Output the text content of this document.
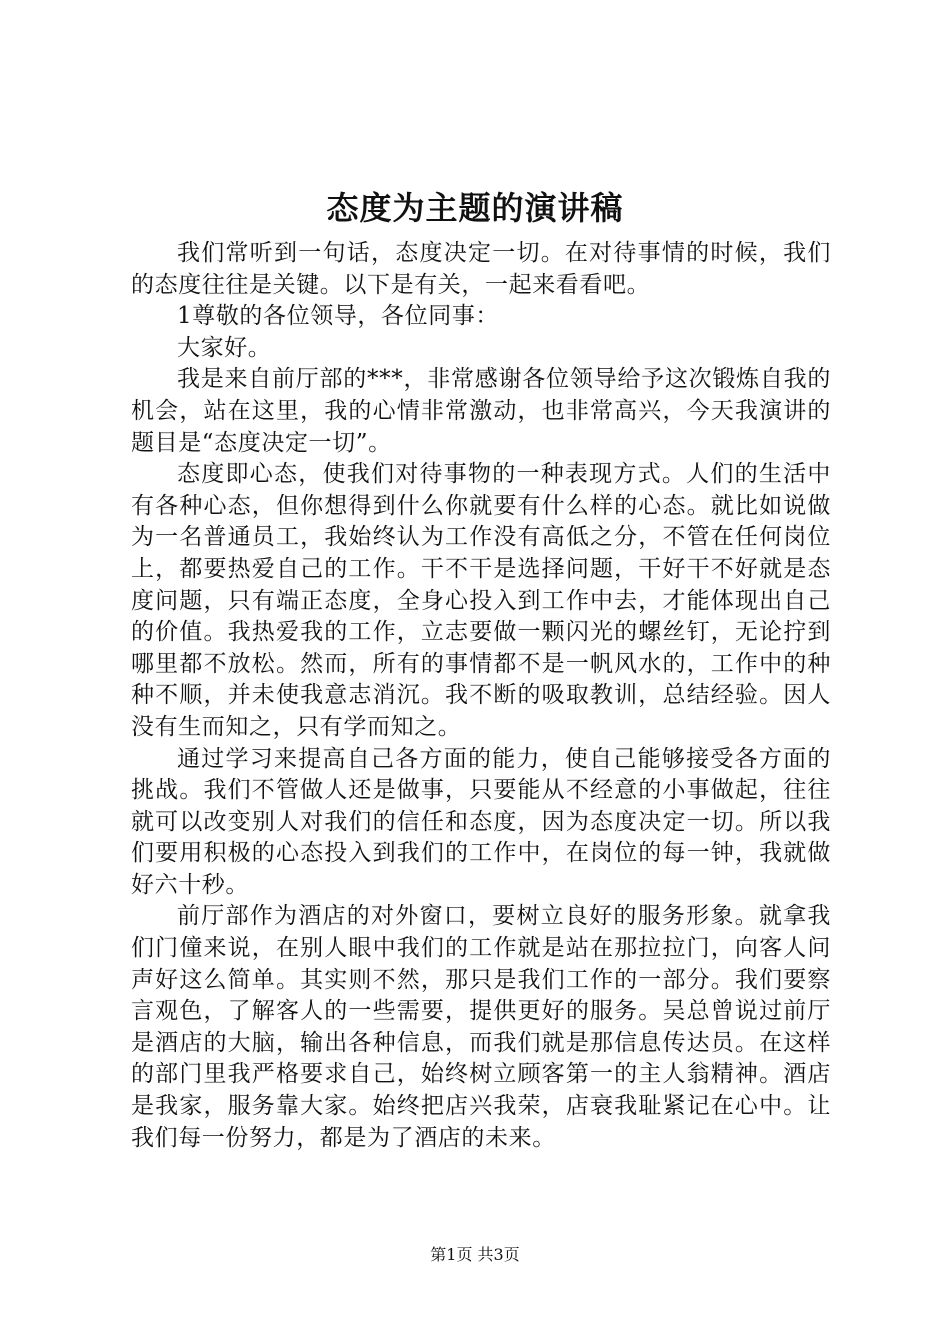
态度为主题的演讲稿

我们常听到一句话，态度决定一切。在对待事情的时候，我们的态度往往是关键。以下是有关，一起来看看吧。

1尊敬的各位领导，各位同事：

大家好。

我是来自前厅部的***，非常感谢各位领导给予这次锻炼自我的机会，站在这里，我的心情非常激动，也非常高兴，今天我演讲的题目是“态度决定一切”。

态度即心态，使我们对待事物的一种表现方式。人们的生活中有各种心态，但你想得到什么你就要有什么样的心态。就比如说做为一名普通员工，我始终认为工作没有高低之分，不管在任何岗位上，都要热爱自己的工作。干不干是选择问题，干好干不好就是态度问题，只有端正态度，全身心投入到工作中去，才能体现出自己的价值。我热爱我的工作，立志要做一颗闪光的螺丝钉，无论拧到哪里都不放松。然而，所有的事情都不是一帆风水的，工作中的种种不顺，并未使我意志消沉。我不断的吸取教训，总结经验。因人没有生而知之，只有学而知之。

通过学习来提高自己各方面的能力，使自己能够接受各方面的挑战。我们不管做人还是做事，只要能从不经意的小事做起，往往就可以改变别人对我们的信任和态度，因为态度决定一切。所以我们要用积极的心态投入到我们的工作中，在岗位的每一钟，我就做好六十秒。

前厅部作为酒店的对外窗口，要树立良好的服务形象。就拿我们门僮来说，在别人眼中我们的工作就是站在那拉拉门，向客人问声好这么简单。其实则不然，那只是我们工作的一部分。我们要察言观色，了解客人的一些需要，提供更好的服务。吴总曾说过前厅是酒店的大脑，输出各种信息，而我们就是那信息传达员。在这样的部门里我严格要求自己，始终树立顾客第一的主人翁精神。酒店是我家，服务靠大家。始终把店兴我荣，店衰我耻紧记在心中。让我们每一份努力，都是为了酒店的未来。

第1页 共3页
